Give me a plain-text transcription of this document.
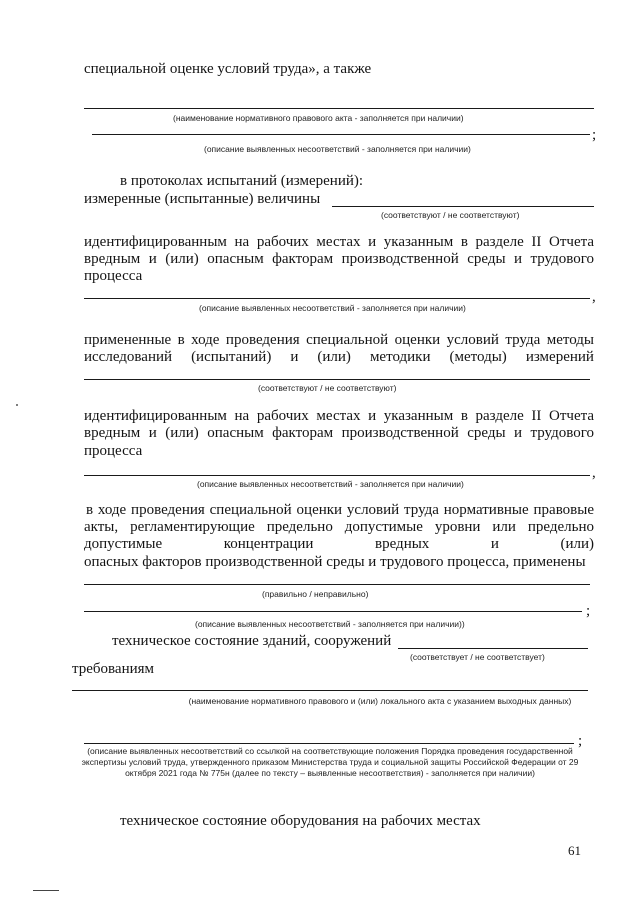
специальной оценке условий труда», а также
(наименование нормативного правового акта - заполняется при наличии)
;
(описание выявленных несоответствий - заполняется при наличии)
в протоколах испытаний (измерений):
измеренные (испытанные) величины
(соответствуют / не соответствуют)
идентифицированным на рабочих местах и указанным в разделе II Отчета
вредным и (или) опасным факторам производственной среды и трудового
процесса
,
(описание выявленных несоответствий - заполняется при наличии)
примененные в ходе проведения специальной оценки условий труда методы
исследований (испытаний) и (или) методики (методы) измерений
(соответствуют / не соответствуют)
идентифицированным на рабочих местах и указанным в разделе II Отчета
вредным и (или) опасным факторам производственной среды и трудового
процесса
,
(описание выявленных несоответствий - заполняется при наличии)
в ходе проведения специальной оценки условий труда нормативные правовые
акты, регламентирующие предельно допустимые уровни или предельно
допустимые	концентрации	вредных	и	(или)
опасных факторов производственной среды и трудового процесса, применены
(правильно / неправильно)
;
(описание выявленных несоответствий - заполняется при наличии))
техническое состояние зданий, сооружений
(соответствует / не соответствует)
требованиям
(наименование нормативного правового и (или) локального акта с указанием выходных данных)
;
(описание выявленных несоответствий со ссылкой на соответствующие положения Порядка проведения государственной экспертизы условий труда, утвержденного приказом Министерства труда и социальной защиты Российской Федерации от 29 октября 2021 года № 775н (далее по тексту – выявленные несоответствия) - заполняется при наличии)
техническое состояние оборудования на рабочих местах
61
